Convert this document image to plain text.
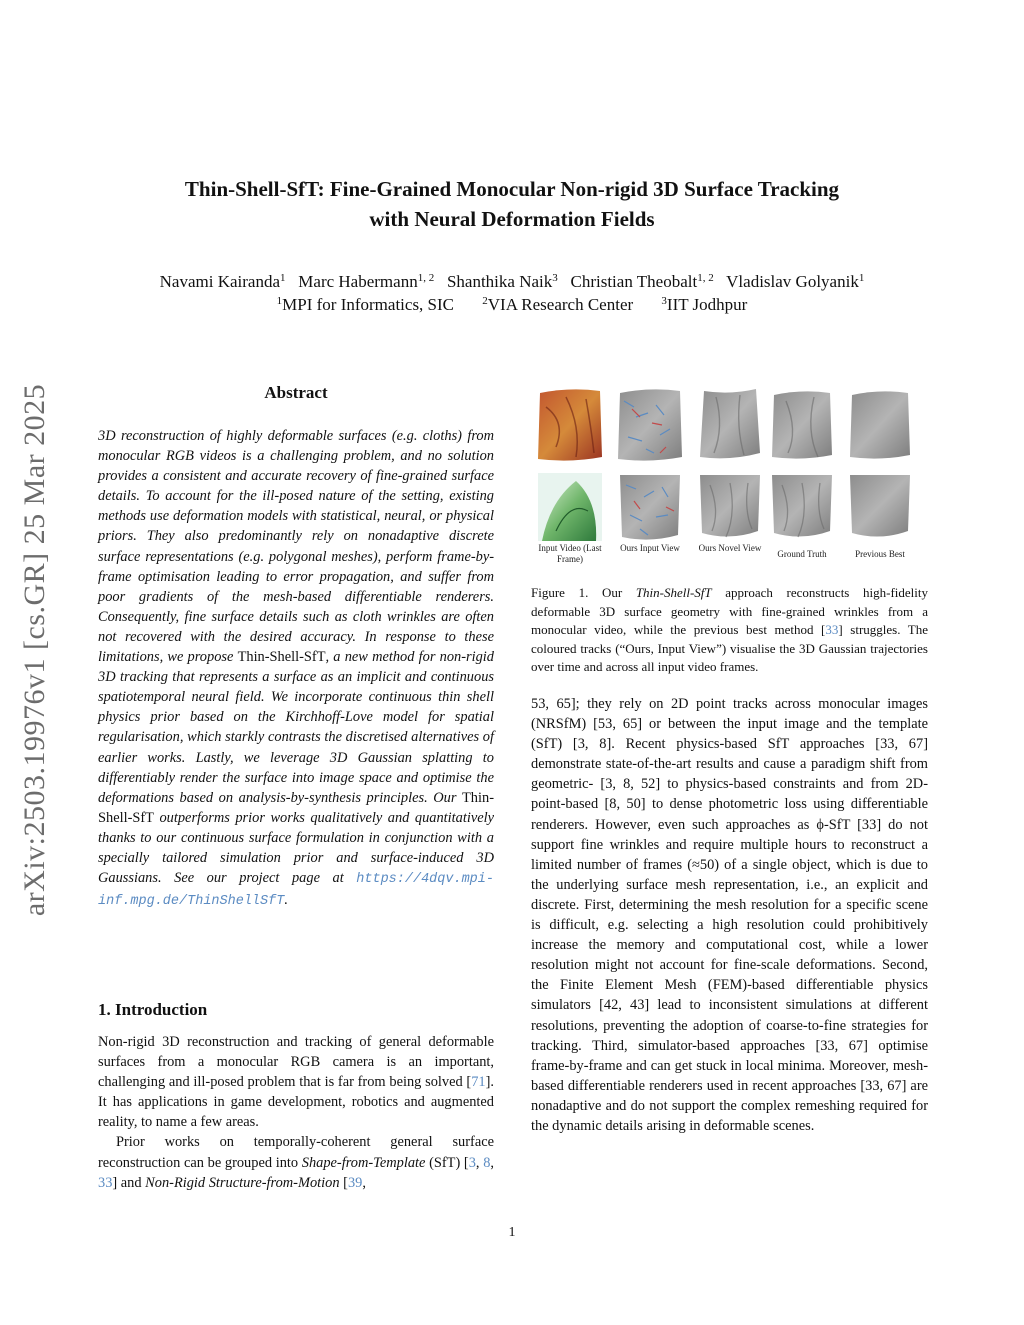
Thin-Shell-SfT: Fine-Grained Monocular Non-rigid 3D Surface Tracking
with Neural Deformation Fields
Navami Kairanda$^1$ Marc Habermann$^{1, 2}$ Shanthika Naik$^3$ Christian Theobalt$^{1, 2}$ Vladislav Golyanik$^1$
$^1$MPI for Informatics, SIC	$^2$VIA Research Center	$^3$IIT Jodhpur
arXiv:2503.19976v1 [cs.GR] 25 Mar 2025	Abstract
3D reconstruction of highly deformable surfaces (e.g. cloths) from monocular RGB videos is a challenging problem, and no solution provides a consistent and accurate recovery of fine-grained surface details. To account for the ill-posed nature of the setting, existing methods use deformation models with statistical, neural, or physical priors. They also predominantly rely on nonadaptive discrete surface representations (e.g. polygonal meshes), perform frame-by-frame optimisation leading to error propagation, and suffer from poor gradients of the mesh-based differentiable renderers. Consequently, fine surface details such as cloth wrinkles are often not recovered with the desired accuracy. In response to these limitations, we propose Thin-Shell-SfT, a new method for non-rigid 3D tracking that represents a surface as an implicit and continuous spatiotemporal neural field. We incorporate continuous thin shell physics prior based on the Kirchhoff-Love model for spatial regularisation, which starkly contrasts the discretised alternatives of earlier works. Lastly, we leverage 3D Gaussian splatting to differentiably render the surface into image space and optimise the deformations based on analysis-by-synthesis principles. Our Thin-Shell-SfT outperforms prior works qualitatively and quantitatively thanks to our continuous surface formulation in conjunction with a specially tailored simulation prior and surface-induced 3D Gaussians. See our project page at https://4dqv.mpi-inf.mpg.de/ThinShellSfT.
1. Introduction

Non-rigid 3D reconstruction and tracking of general deformable surfaces from a monocular RGB camera is an important, challenging and ill-posed problem that is far from being solved [71]. It has applications in game development, robotics and augmented reality, to name a few areas.

Prior works on temporally-coherent general surface reconstruction can be grouped into Shape-from-Template (SfT) [3, 8, 33] and Non-Rigid Structure-from-Motion [39,

Input Video (Last Frame)
Ours Input View	Ours Novel View
Ground Truth	Previous Best
Figure 1. Our Thin-Shell-SfT approach reconstructs high-fidelity deformable 3D surface geometry with fine-grained wrinkles from a monocular video, while the previous best method [33] struggles. The coloured tracks (“Ours, Input View”) visualise the 3D Gaussian trajectories over time and across all input video frames.
53, 65]; they rely on 2D point tracks across monocular images (NRSfM) [53, 65] or between the input image and the template (SfT) [3, 8]. Recent physics-based SfT approaches [33, 67] demonstrate state-of-the-art results and cause a paradigm shift from geometric- [3, 8, 52] to physics-based constraints and from 2D-point-based [8, 50] to dense photometric loss using differentiable renderers. However, even such approaches as ϕ-SfT [33] do not support fine wrinkles and require multiple hours to reconstruct a limited number of frames (≈50) of a single object, which is due to the underlying surface mesh representation, i.e., an explicit and discrete. First, determining the mesh resolution for a specific scene is difficult, e.g. selecting a high resolution could prohibitively increase the memory and computational cost, while a lower resolution might not account for fine-scale deformations. Second, the Finite Element Mesh (FEM)-based differentiable physics simulators [42, 43] lead to inconsistent simulations at different resolutions, preventing the adoption of coarse-to-fine strategies for tracking. Third, simulator-based approaches [33, 67] optimise frame-by-frame and can get stuck in local minima. Moreover, mesh-based differentiable renderers used in recent approaches [33, 67] are nonadaptive and do not support the complex remeshing required for the dynamic details arising in deformable scenes.
1
